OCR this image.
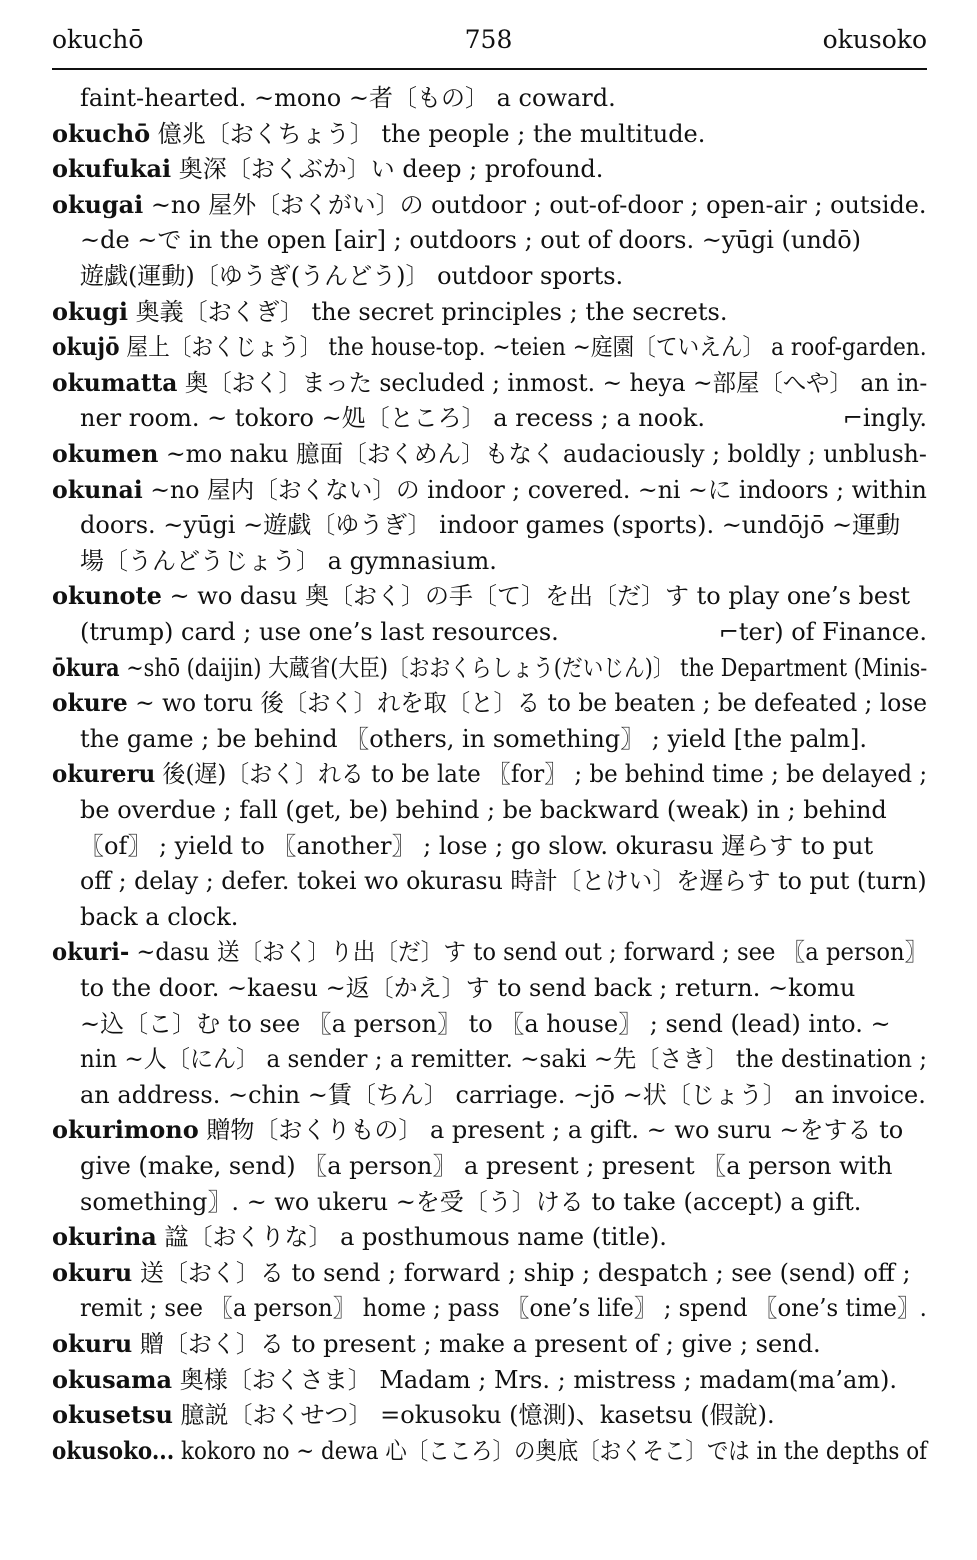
okuchō	758	okusoko
faint-hearted. ~mono ~者〔もの〕 a coward.
okuchō 億兆〔おくちょう〕 the people ; the multitude.
okufukai 奥深〔おくぶか〕い deep ; profound.
okugai ~no 屋外〔おくがい〕の outdoor ; out-of-door ; open-air ; outside.
~de ~で in the open [air] ; outdoors ; out of doors. ~yūgi (undō)
遊戯(運動)〔ゆうぎ(うんどう)〕 outdoor sports.
okugi 奥義〔おくぎ〕 the secret principles ; the secrets.
okujō 屋上〔おくじょう〕 the house-top. ~teien ~庭園〔ていえん〕 a roof-garden.
okumatta 奥〔おく〕まった secluded ; inmost. ~ heya ~部屋〔へや〕 an in-
ner room. ~ tokoro ~処〔ところ〕 a recess ; a nook.
okumen ~mo naku 臆面〔おくめん〕もなく audaciously ; boldly ; unblush-
okunai ~no 屋内〔おくない〕の indoor ; covered. ~ni ~に indoors ; within
doors. ~yūgi ~遊戯〔ゆうぎ〕 indoor games (sports). ~undōjō ~運動
場〔うんどうじょう〕 a gymnasium.
okunote ~ wo dasu 奥〔おく〕の手〔て〕を出〔だ〕す to play one’s best
(trump) card ; use one’s last resources.
ōkura ~shō (daijin) 大蔵省(大臣)〔おおくらしょう(だいじん)〕 the Department (Minis-
okure ~ wo toru 後〔おく〕れを取〔と〕る to be beaten ; be defeated ; lose
the game ; be behind 〖others, in something〗 ; yield [the palm].
okureru 後(遅)〔おく〕れる to be late 〖for〗 ; be behind time ; be delayed ;
be overdue ; fall (get, be) behind ; be backward (weak) in ; behind
〖of〗 ; yield to 〖another〗 ; lose ; go slow. okurasu 遅らす to put
off ; delay ; defer. tokei wo okurasu 時計〔とけい〕を遅らす to put (turn)
back a clock.
okuri- ~dasu 送〔おく〕り出〔だ〕す to send out ; forward ; see 〖a person〗
to the door. ~kaesu ~返〔かえ〕す to send back ; return. ~komu
~込〔こ〕む to see 〖a person〗 to 〖a house〗 ; send (lead) into. ~
nin ~人〔にん〕 a sender ; a remitter. ~saki ~先〔さき〕 the destination ;
an address. ~chin ~賃〔ちん〕 carriage. ~jō ~状〔じょう〕 an invoice.
okurimono 贈物〔おくりもの〕 a present ; a gift. ~ wo suru ~をする to
give (make, send) 〖a person〗 a present ; present 〖a person with
something〗. ~ wo ukeru ~を受〔う〕ける to take (accept) a gift.
okurina 諡〔おくりな〕 a posthumous name (title).
okuru 送〔おく〕る to send ; forward ; ship ; despatch ; see (send) off ;
remit ; see 〖a person〗 home ; pass 〖one’s life〗 ; spend 〖one’s time〗.
okuru 贈〔おく〕る to present ; make a present of ; give ; send.
okusama 奥様〔おくさま〕 Madam ; Mrs. ; mistress ; madam(ma’am).
okusetsu 臆説〔おくせつ〕 =okusoku (憶測)、kasetsu (假說).
okusoko... kokoro no ~ dewa 心〔こころ〕の奥底〔おくそこ〕では in the depths of
⌐ingly.
⌐ter) of Finance.
